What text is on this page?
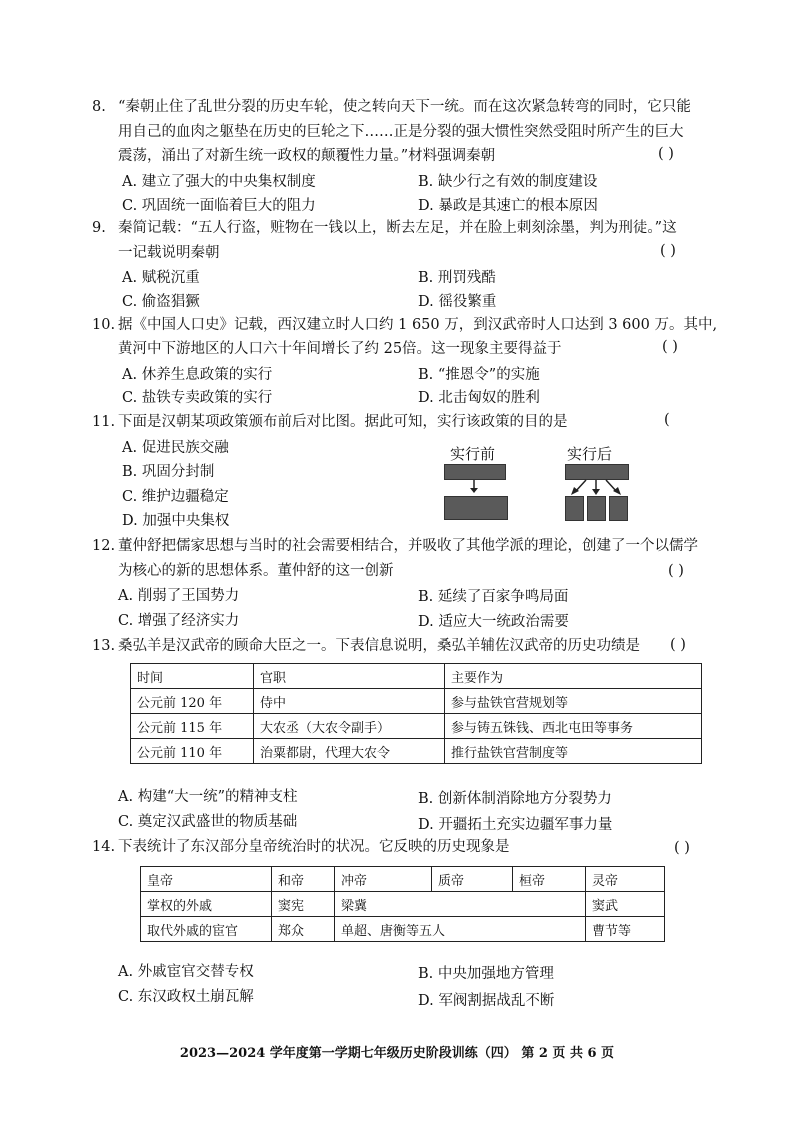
8. “秦朝止住了乱世分裂的历史车轮，使之转向天下一统。而在这次紧急转弯的同时，它只能
用自己的血肉之躯垫在历史的巨轮之下……正是分裂的强大惯性突然受阻时所产生的巨大
震荡，涌出了对新生统一政权的颠覆性力量。”材料强调秦朝	( )
A. 建立了强大的中央集权制度	B. 缺少行之有效的制度建设
C. 巩固统一面临着巨大的阻力	D. 暴政是其速亡的根本原因
9. 秦简记载：“五人行盗，赃物在一钱以上，断去左足，并在脸上刺刻涂墨，判为刑徒。”这
一记载说明秦朝	( )
A. 赋税沉重	B. 刑罚残酷
C. 偷盗猖獗	D. 徭役繁重
10. 据《中国人口史》记载，西汉建立时人口约 1 650 万，到汉武帝时人口达到 3 600 万。其中,
黄河中下游地区的人口六十年间增长了约 25倍。这一现象主要得益于	( )
A. 休养生息政策的实行	B. “推恩令”的实施
C. 盐铁专卖政策的实行	D. 北击匈奴的胜利
11. 下面是汉朝某项政策颁布前后对比图。据此可知，实行该政策的目的是	(
A. 促进民族交融
B. 巩固分封制
C. 维护边疆稳定
D. 加强中央集权
实行前	实行后
12. 董仲舒把儒家思想与当时的社会需要相结合，并吸收了其他学派的理论，创建了一个以儒学
为核心的新的思想体系。董仲舒的这一创新	( )
A. 削弱了王国势力	B. 延续了百家争鸣局面
C. 增强了经济实力	D. 适应大一统政治需要
13. 桑弘羊是汉武帝的顾命大臣之一。下表信息说明，桑弘羊辅佐汉武帝的历史功绩是 ( )
时间	官职	主要作为
公元前 120 年	侍中	参与盐铁官营规划等
公元前 115 年	大农丞（大农令副手）	参与铸五铢钱、西北屯田等事务
公元前 110 年	治粟都尉，代理大农令	推行盐铁官营制度等
A. 构建“大一统”的精神支柱	B. 创新体制消除地方分裂势力
C. 奠定汉武盛世的物质基础	D. 开疆拓土充实边疆军事力量
14. 下表统计了东汉部分皇帝统治时的状况。它反映的历史现象是	( )
皇帝	和帝	冲帝	质帝	桓帝	灵帝
掌权的外戚	窦宪	梁冀			窦武
取代外戚的宦官	郑众	单超、唐衡等五人			曹节等
A. 外戚宦官交替专权	B. 中央加强地方管理
C. 东汉政权土崩瓦解	D. 军阀割据战乱不断
2023—2024 学年度第一学期七年级历史阶段训练（四） 第 2 页 共 6 页
